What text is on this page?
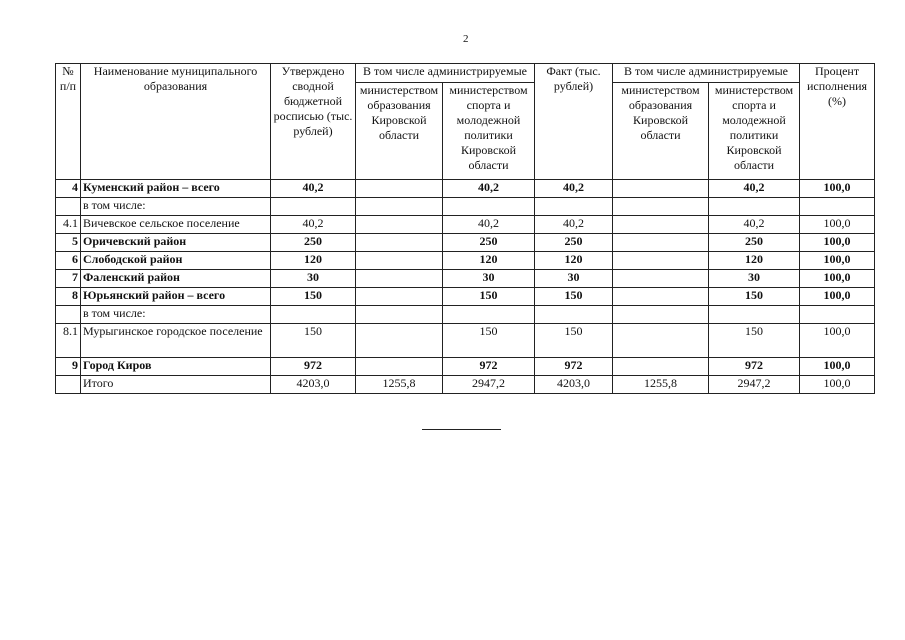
2
№ п/п	Наименование муниципального образования	Утверждено сводной бюджетной росписью (тыс. рублей)	В том числе администрируемые		Факт (тыс. рублей)	В том числе администрируемые		Процент исполнения (%)
			министерством образования Кировской области	министерством спорта и молодежной политики Кировской области		министерством образования Кировской области	министерством спорта и молодежной политики Кировской области	
4	Куменский район – всего	40,2		40,2	40,2		40,2	100,0
	в том числе:							
4.1	Вичевское сельское поселение	40,2		40,2	40,2		40,2	100,0
5	Оричевский район	250		250	250		250	100,0
6	Слободской район	120		120	120		120	100,0
7	Фаленский район	30		30	30		30	100,0
8	Юрьянский район – всего	150		150	150		150	100,0
	в том числе:							
8.1	Мурыгинское городское поселение	150		150	150		150	100,0
9	Город Киров	972		972	972		972	100,0
	Итого	4203,0	1255,8	2947,2	4203,0	1255,8	2947,2	100,0
